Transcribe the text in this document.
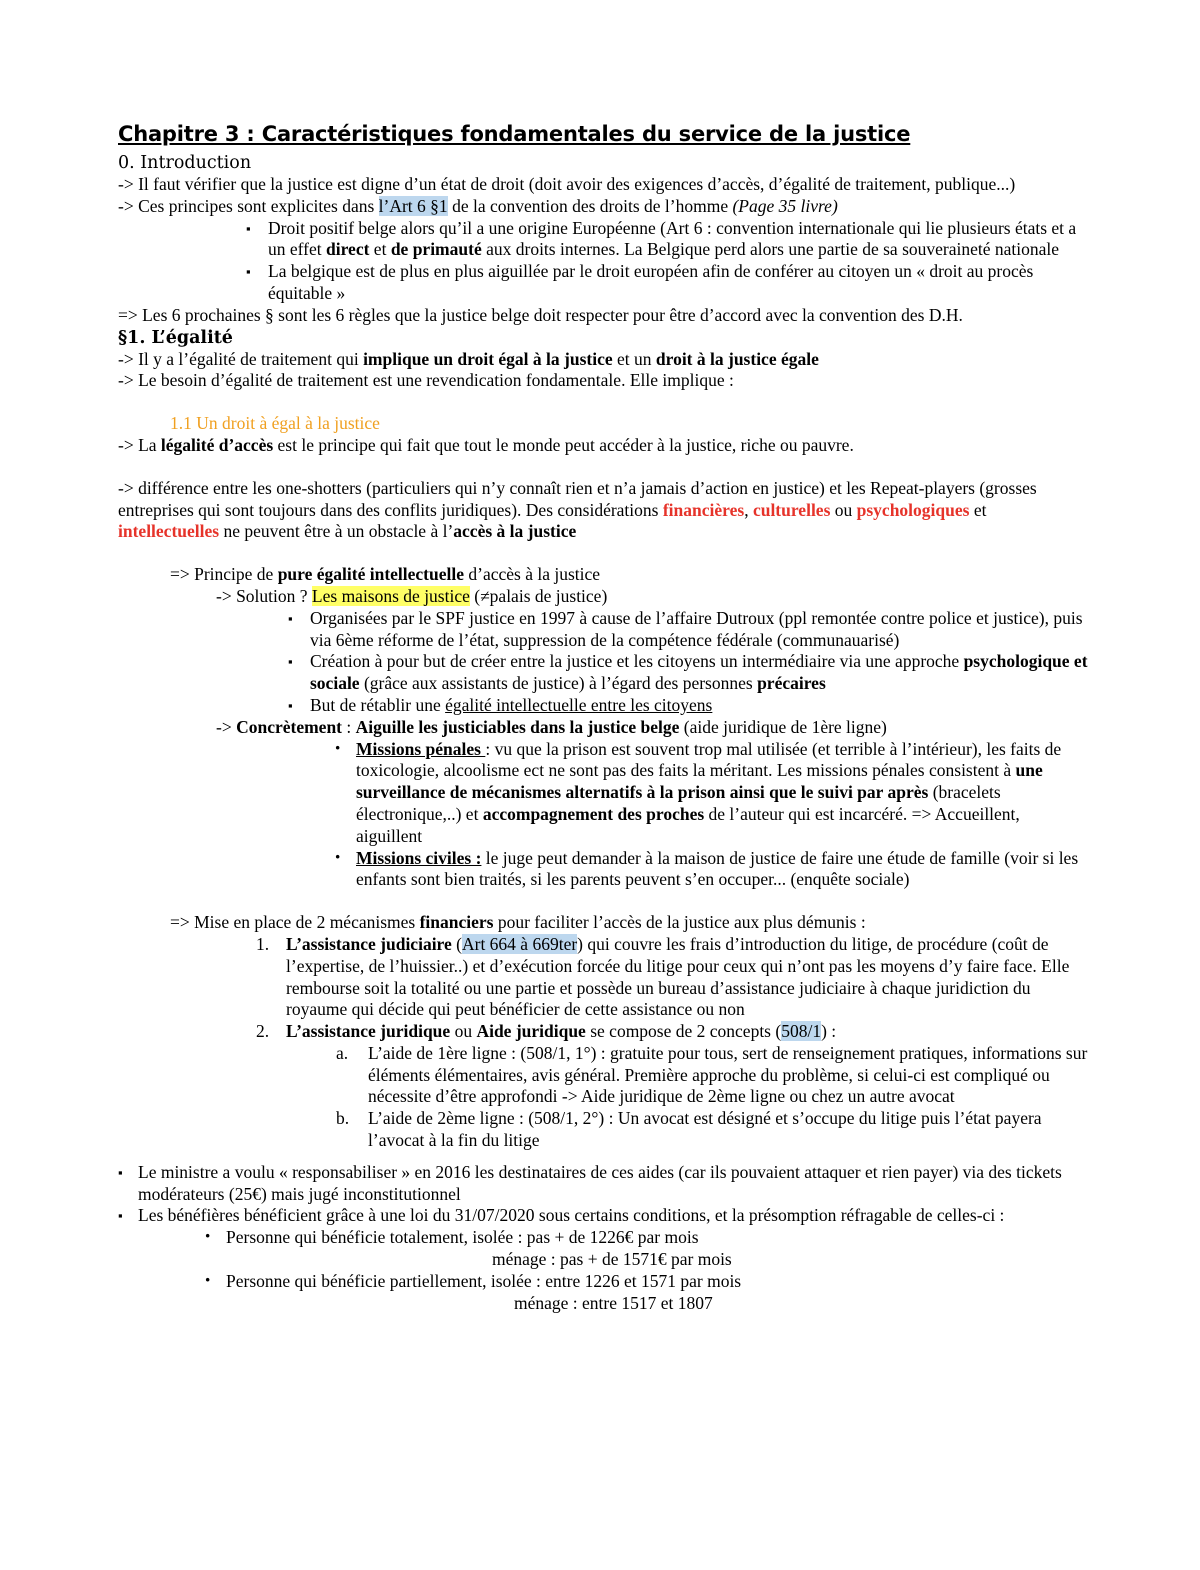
Chapitre 3 : Caractéristiques fondamentales du service de la justice
0. Introduction

-> Il faut vérifier que la justice est digne d’un état de droit (doit avoir des exigences d’accès, d’égalité de traitement, publique...)

-> Ces principes sont explicites dans l’Art 6 §1 de la convention des droits de l’homme (Page 35 livre)

▪ Droit positif belge alors qu’il a une origine Européenne (Art 6 : convention internationale qui lie plusieurs états et a un effet direct et de primauté aux droits internes. La Belgique perd alors une partie de sa souveraineté nationale
▪ La belgique est de plus en plus aiguillée par le droit européen afin de conférer au citoyen un « droit au procès équitable »

=> Les 6 prochaines § sont les 6 règles que la justice belge doit respecter pour être d’accord avec la convention des D.H.

§1. L’égalité

-> Il y a l’égalité de traitement qui implique un droit égal à la justice et un droit à la justice égale

-> Le besoin d’égalité de traitement est une revendication fondamentale. Elle implique :

1.1 Un droit à égal à la justice

-> La légalité d’accès est le principe qui fait que tout le monde peut accéder à la justice, riche ou pauvre.

-> différence entre les one-shotters (particuliers qui n’y connaît rien et n’a jamais d’action en justice) et les Repeat-players (grosses entreprises qui sont toujours dans des conflits juridiques). Des considérations financières, culturelles ou psychologiques et intellectuelles ne peuvent être à un obstacle à l’accès à la justice

=> Principe de pure égalité intellectuelle d’accès à la justice

-> Solution ? Les maisons de justice (≠palais de justice)

▪ Organisées par le SPF justice en 1997 à cause de l’affaire Dutroux (ppl remontée contre police et justice), puis via 6ème réforme de l’état, suppression de la compétence fédérale (communauarisé)
▪ Création à pour but de créer entre la justice et les citoyens un intermédiaire via une approche psychologique et sociale (grâce aux assistants de justice) à l’égard des personnes précaires
▪ But de rétablir une égalité intellectuelle entre les citoyens

-> Concrètement : Aiguille les justiciables dans la justice belge (aide juridique de 1ère ligne)

· Missions pénales : vu que la prison est souvent trop mal utilisée (et terrible à l’intérieur), les faits de toxicologie, alcoolisme ect ne sont pas des faits la méritant. Les missions pénales consistent à une surveillance de mécanismes alternatifs à la prison ainsi que le suivi par après (bracelets électronique,..) et accompagnement des proches de l’auteur qui est incarcéré. => Accueillent, aiguillent
· Missions civiles : le juge peut demander à la maison de justice de faire une étude de famille (voir si les enfants sont bien traités, si les parents peuvent s’en occuper... (enquête sociale)

=> Mise en place de 2 mécanismes financiers pour faciliter l’accès de la justice aux plus démunis :

1. L’assistance judiciaire (Art 664 à 669ter) qui couvre les frais d’introduction du litige, de procédure (coût de l’expertise, de l’huissier..) et d’exécution forcée du litige pour ceux qui n’ont pas les moyens d’y faire face. Elle rembourse soit la totalité ou une partie et possède un bureau d’assistance judiciaire à chaque juridiction du royaume qui décide qui peut bénéficier de cette assistance ou non
2. L’assistance juridique ou Aide juridique se compose de 2 concepts (508/1) :
a. L’aide de 1ère ligne : (508/1, 1°) : gratuite pour tous, sert de renseignement pratiques, informations sur éléments élémentaires, avis général. Première approche du problème, si celui-ci est compliqué ou nécessite d’être approfondi -> Aide juridique de 2ème ligne ou chez un autre avocat
b. L’aide de 2ème ligne : (508/1, 2°) : Un avocat est désigné et s’occupe du litige puis l’état payera l’avocat à la fin du litige
▪ Le ministre a voulu « responsabiliser » en 2016 les destinataires de ces aides (car ils pouvaient attaquer et rien payer) via des tickets modérateurs (25€) mais jugé inconstitutionnel
▪ Les bénéfières bénéficient grâce à une loi du 31/07/2020 sous certains conditions, et la présomption réfragable de celles-ci :
· Personne qui bénéficie totalement, isolée : pas + de 1226€ par mois

ménage : pas + de 1571€ par mois

· Personne qui bénéficie partiellement, isolée : entre 1226 et 1571 par mois

ménage : entre 1517 et 1807
